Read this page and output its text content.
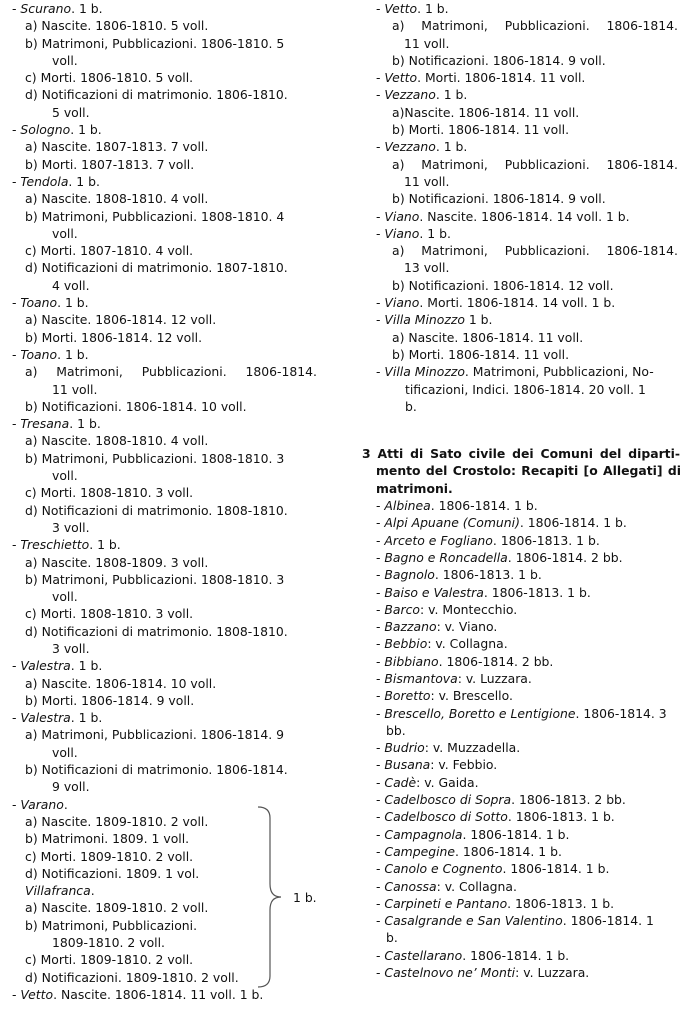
- Scurano. 1 b.
a) Nascite. 1806-1810. 5 voll.
b) Matrimoni, Pubblicazioni. 1806-1810. 5
voll.
c) Morti. 1806-1810. 5 voll.
d) Notificazioni di matrimonio. 1806-1810.
5 voll.
- Sologno. 1 b.
a) Nascite. 1807-1813. 7 voll.
b) Morti. 1807-1813. 7 voll.
- Tendola. 1 b.
a) Nascite. 1808-1810. 4 voll.
b) Matrimoni, Pubblicazioni. 1808-1810. 4
voll.
c) Morti. 1807-1810. 4 voll.
d) Notificazioni di matrimonio. 1807-1810.
4 voll.
- Toano. 1 b.
a) Nascite. 1806-1814. 12 voll.
b) Morti. 1806-1814. 12 voll.
- Toano. 1 b.
a) Matrimoni, Pubblicazioni. 1806-1814.
11 voll.
b) Notificazioni. 1806-1814. 10 voll.
- Tresana. 1 b.
a) Nascite. 1808-1810. 4 voll.
b) Matrimoni, Pubblicazioni. 1808-1810. 3
voll.
c) Morti. 1808-1810. 3 voll.
d) Notificazioni di matrimonio. 1808-1810.
3 voll.
- Treschietto. 1 b.
a) Nascite. 1808-1809. 3 voll.
b) Matrimoni, Pubblicazioni. 1808-1810. 3
voll.
c) Morti. 1808-1810. 3 voll.
d) Notificazioni di matrimonio. 1808-1810.
3 voll.
- Valestra. 1 b.
a) Nascite. 1806-1814. 10 voll.
b) Morti. 1806-1814. 9 voll.
- Valestra. 1 b.
a) Matrimoni, Pubblicazioni. 1806-1814. 9
voll.
b) Notificazioni di matrimonio. 1806-1814.
9 voll.
- Varano.
a) Nascite. 1809-1810. 2 voll.
b) Matrimoni. 1809. 1 voll.
c) Morti. 1809-1810. 2 voll.
d) Notificazioni. 1809. 1 vol.
Villafranca.
a) Nascite. 1809-1810. 2 voll.
b) Matrimoni, Pubblicazioni.
1809-1810. 2 voll.
c) Morti. 1809-1810. 2 voll.
d) Notificazioni. 1809-1810. 2 voll.
- Vetto. Nascite. 1806-1814. 11 voll. 1 b.
1 b.
- Vetto. 1 b.
a) Matrimoni, Pubblicazioni. 1806-1814.
11 voll.
b) Notificazioni. 1806-1814. 9 voll.
- Vetto. Morti. 1806-1814. 11 voll.
- Vezzano. 1 b.
a)Nascite. 1806-1814. 11 voll.
b) Morti. 1806-1814. 11 voll.
- Vezzano. 1 b.
a) Matrimoni, Pubblicazioni. 1806-1814.
11 voll.
b) Notificazioni. 1806-1814. 9 voll.
- Viano. Nascite. 1806-1814. 14 voll. 1 b.
- Viano. 1 b.
a) Matrimoni, Pubblicazioni. 1806-1814.
13 voll.
b) Notificazioni. 1806-1814. 12 voll.
- Viano. Morti. 1806-1814. 14 voll. 1 b.
- Villa Minozzo 1 b.
a) Nascite. 1806-1814. 11 voll.
b) Morti. 1806-1814. 11 voll.
- Villa Minozzo. Matrimoni, Pubblicazioni, No-
tificazioni, Indici. 1806-1814. 20 voll. 1
b.
3 Atti di Sato civile dei Comuni del diparti-
mento del Crostolo: Recapiti [o Allegati] di
matrimoni.
- Albinea. 1806-1814. 1 b.
- Alpi Apuane (Comuni). 1806-1814. 1 b.
- Arceto e Fogliano. 1806-1813. 1 b.
- Bagno e Roncadella. 1806-1814. 2 bb.
- Bagnolo. 1806-1813. 1 b.
- Baiso e Valestra. 1806-1813. 1 b.
- Barco: v. Montecchio.
- Bazzano: v. Viano.
- Bebbio: v. Collagna.
- Bibbiano. 1806-1814. 2 bb.
- Bismantova: v. Luzzara.
- Boretto: v. Brescello.
- Brescello, Boretto e Lentigione. 1806-1814. 3
bb.
- Budrio: v. Muzzadella.
- Busana: v. Febbio.
- Cadè: v. Gaida.
- Cadelbosco di Sopra. 1806-1813. 2 bb.
- Cadelbosco di Sotto. 1806-1813. 1 b.
- Campagnola. 1806-1814. 1 b.
- Campegine. 1806-1814. 1 b.
- Canolo e Cognento. 1806-1814. 1 b.
- Canossa: v. Collagna.
- Carpineti e Pantano. 1806-1813. 1 b.
- Casalgrande e San Valentino. 1806-1814. 1
b.
- Castellarano. 1806-1814. 1 b.
- Castelnovo ne’ Monti: v. Luzzara.
